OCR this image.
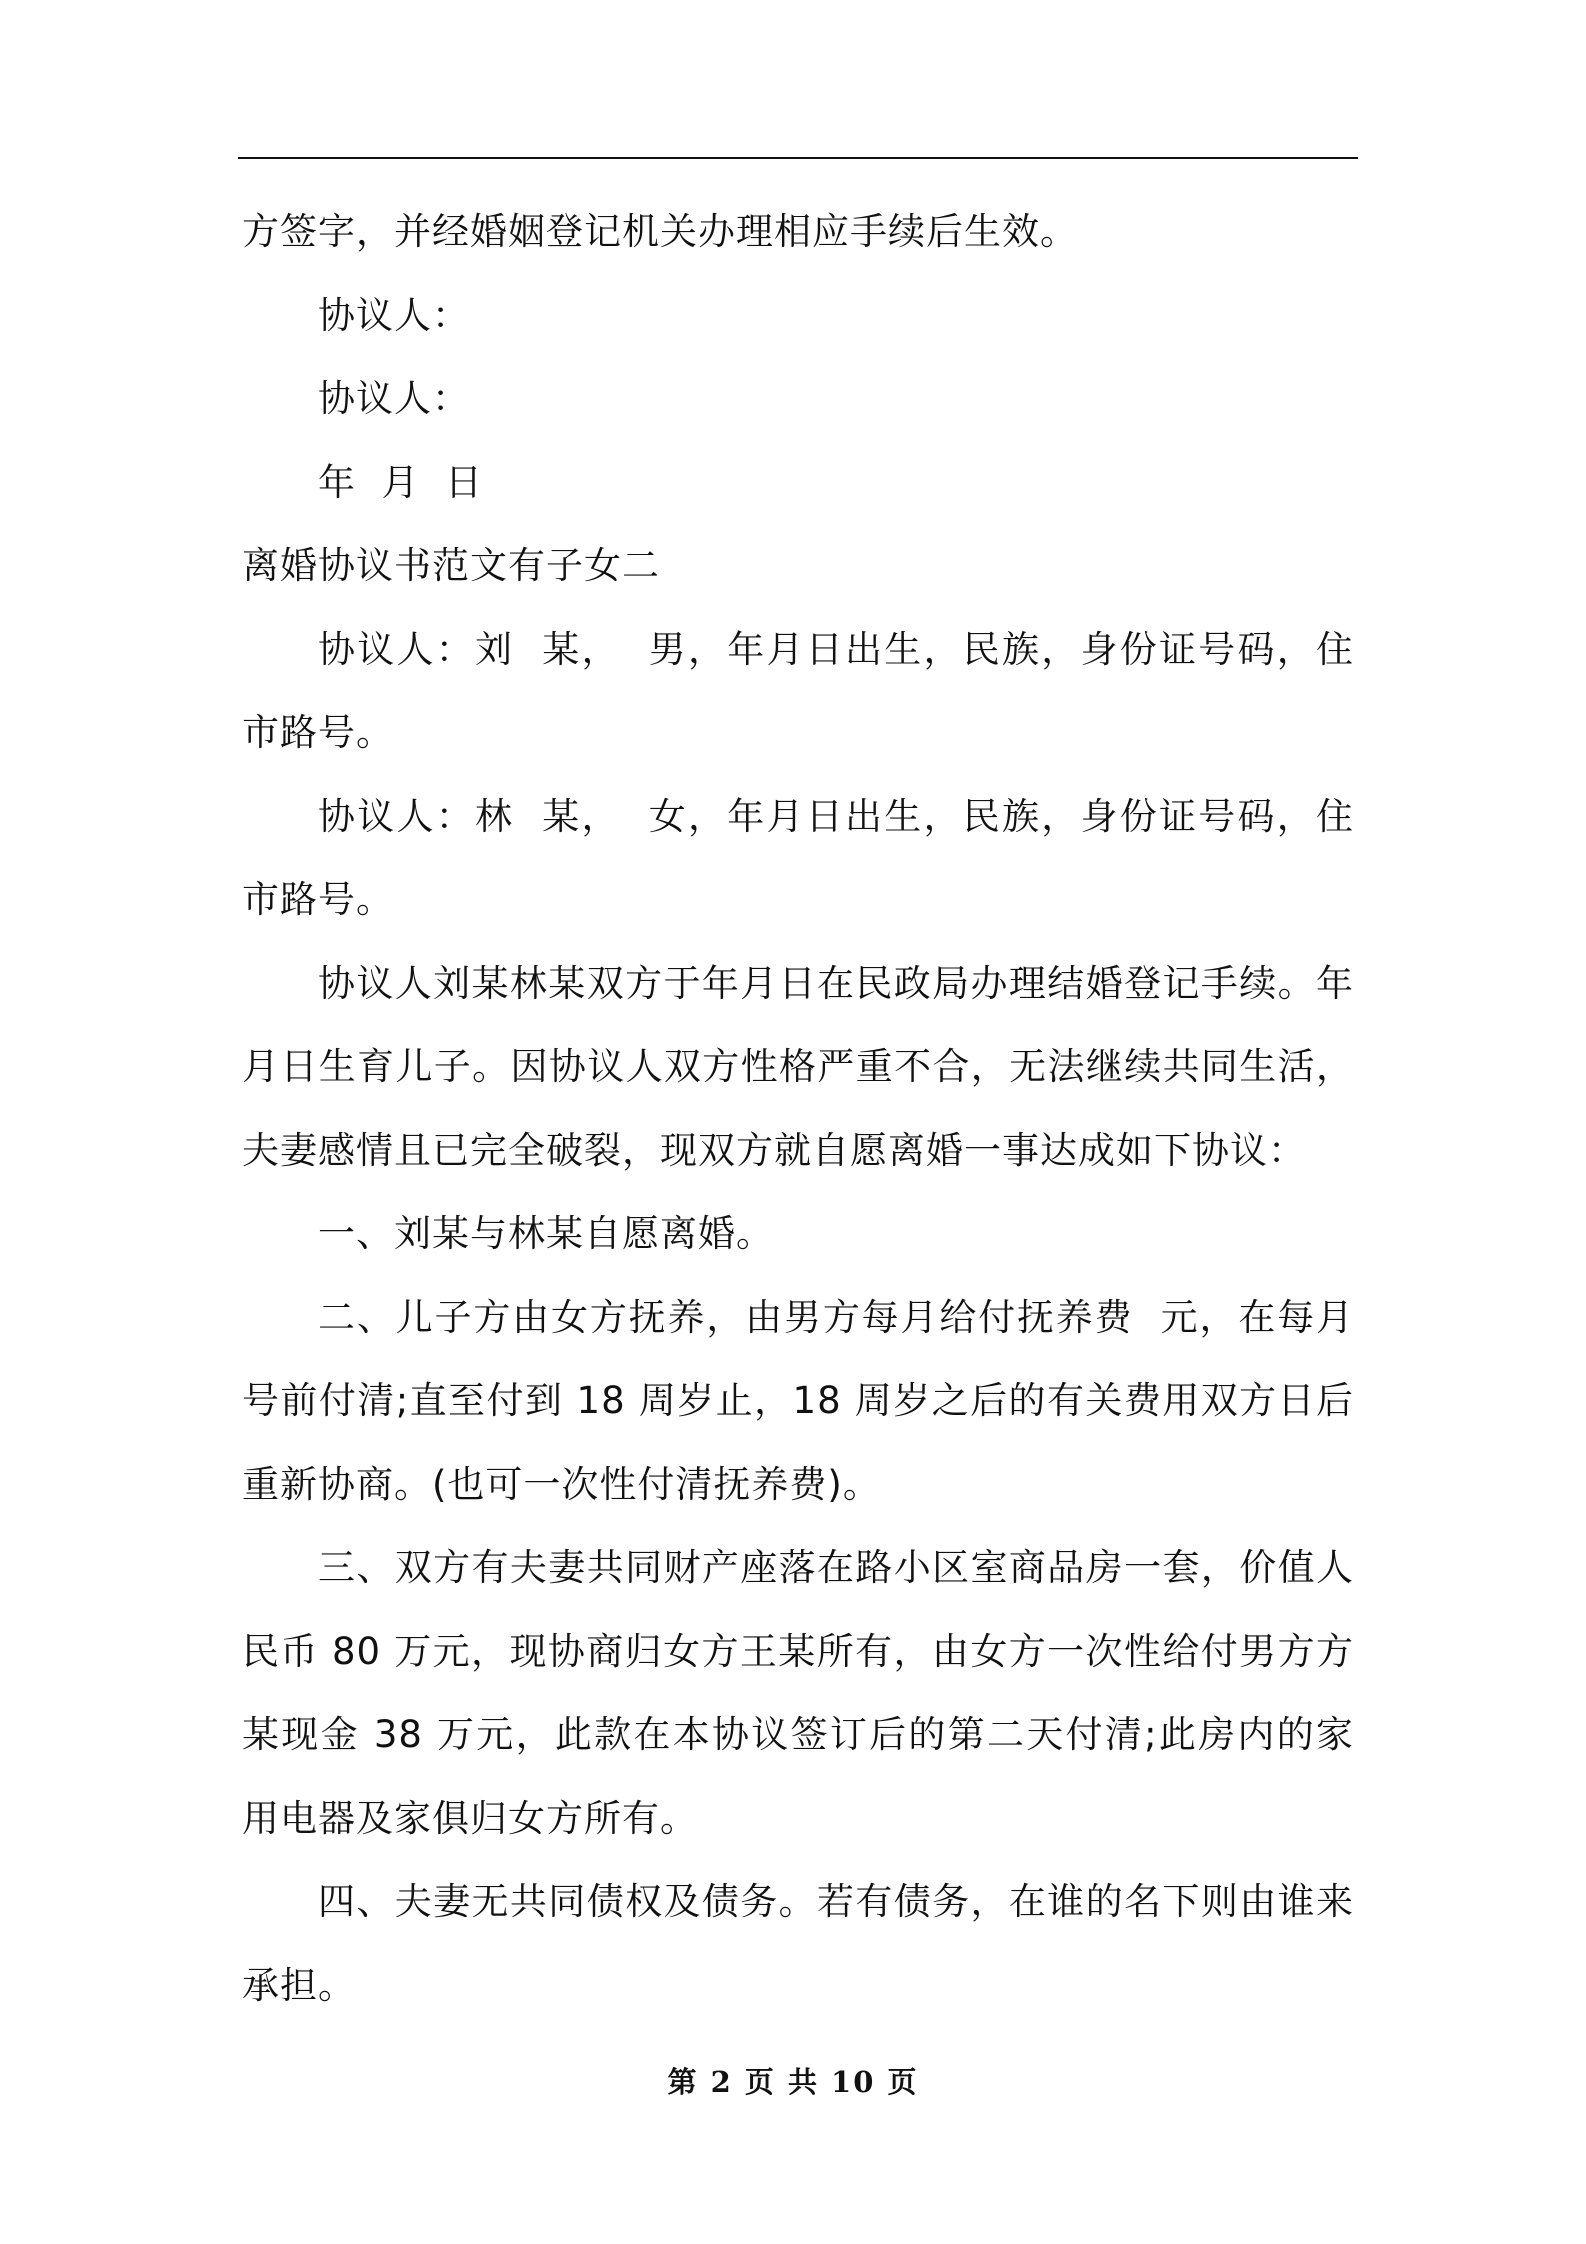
方签字，并经婚姻登记机关办理相应手续后生效。

协议人：

协议人：

年  月  日

离婚协议书范文有子女二

协议人：刘  某，  男，年月日出生，民族，身份证号码，住市路号。

协议人：林  某，  女，年月日出生，民族，身份证号码，住市路号。

协议人刘某林某双方于年月日在民政局办理结婚登记手续。年月日生育儿子。因协议人双方性格严重不合，无法继续共同生活，夫妻感情且已完全破裂，现双方就自愿离婚一事达成如下协议：

一、刘某与林某自愿离婚。

二、儿子方由女方抚养，由男方每月给付抚养费  元，在每月  号前付清;直至付到 18 周岁止，18 周岁之后的有关费用双方日后重新协商。(也可一次性付清抚养费)。

三、双方有夫妻共同财产座落在路小区室商品房一套，价值人民币 80 万元，现协商归女方王某所有，由女方一次性给付男方方某现金 38 万元，此款在本协议签订后的第二天付清;此房内的家用电器及家俱归女方所有。

四、夫妻无共同债权及债务。若有债务，在谁的名下则由谁来承担。

第 2 页 共 10 页
